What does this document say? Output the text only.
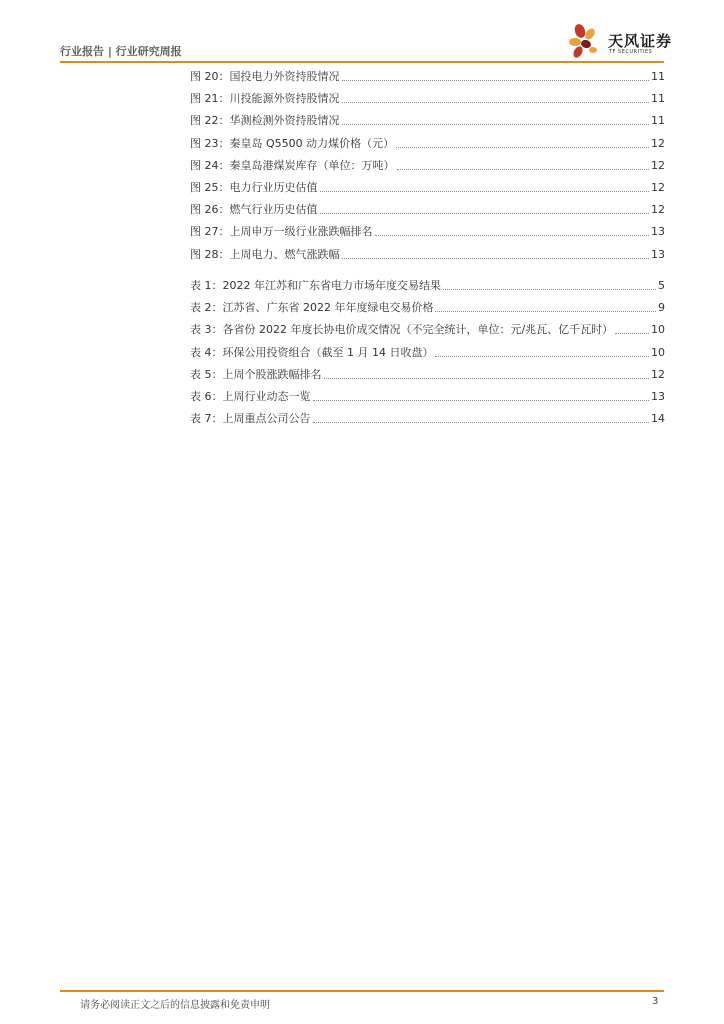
行业报告 | 行业研究周报
天风证券
TF SECURITIES
图 20：国投电力外资持股情况	11
图 21：川投能源外资持股情况	11
图 22：华测检测外资持股情况	11
图 23：秦皇岛 Q5500 动力煤价格（元）	12
图 24：秦皇岛港煤炭库存（单位：万吨）	12
图 25：电力行业历史估值	12
图 26：燃气行业历史估值	12
图 27：上周申万一级行业涨跌幅排名	13
图 28：上周电力、燃气涨跌幅	13
表 1：2022 年江苏和广东省电力市场年度交易结果	5
表 2：江苏省、广东省 2022 年年度绿电交易价格	9
表 3：各省份 2022 年度长协电价成交情况（不完全统计，单位：元/兆瓦、亿千瓦时）	10
表 4：环保公用投资组合（截至 1 月 14 日收盘）	10
表 5：上周个股涨跌幅排名	12
表 6：上周行业动态一览	13
表 7：上周重点公司公告	14
请务必阅读正文之后的信息披露和免责申明	3
